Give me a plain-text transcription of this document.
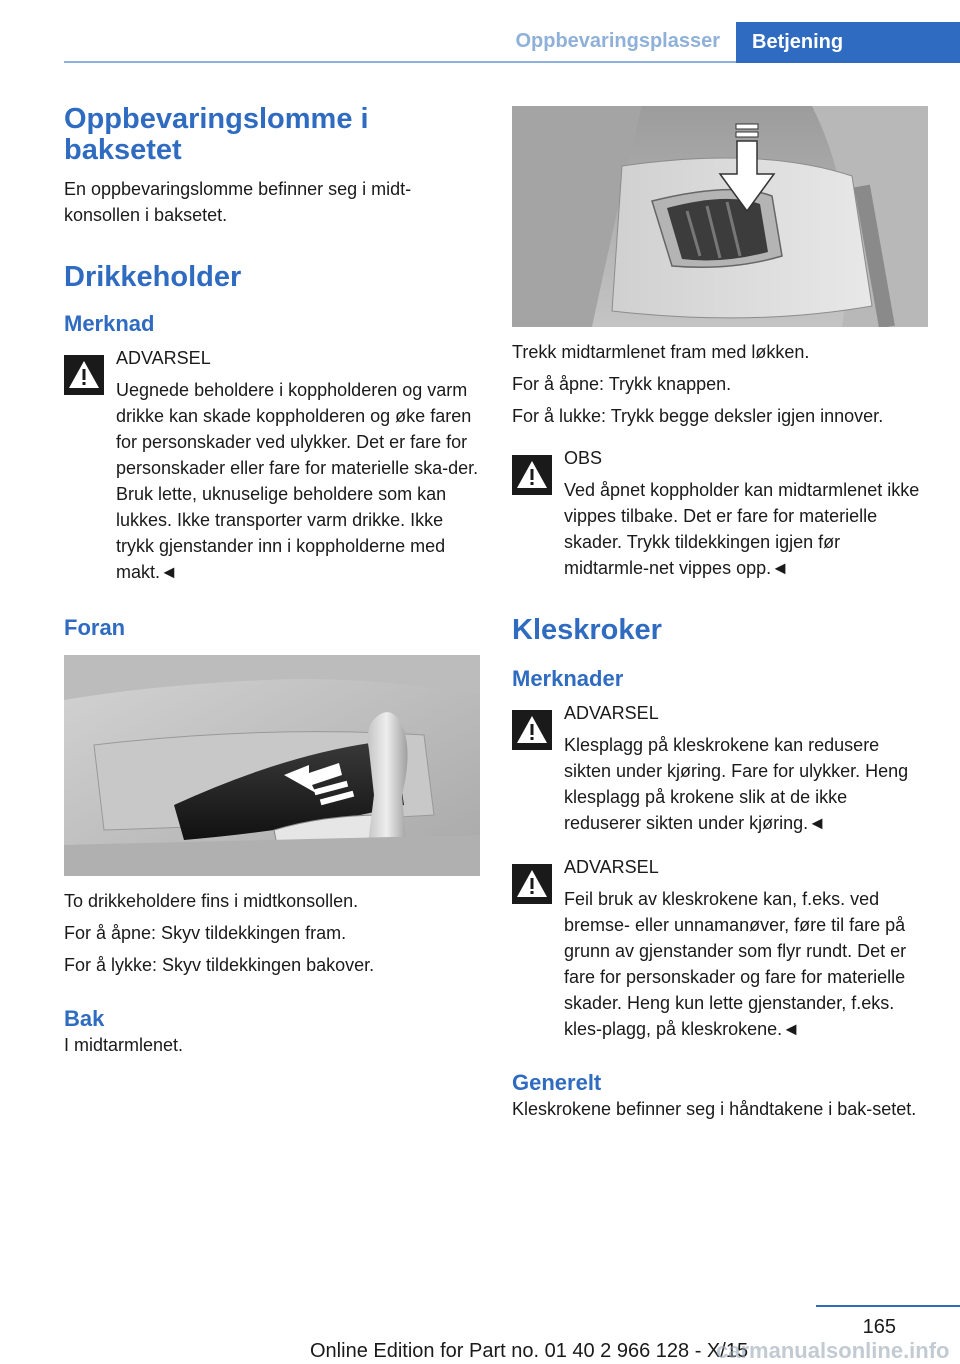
Oppbevaringsplasser Betjening
Oppbevaringslomme i baksetet

En oppbevaringslomme befinner seg i midt-konsollen i baksetet.

Drikkeholder
Merknad
ADVARSEL
Uegnede beholdere i koppholderen og varm drikke kan skade koppholderen og øke faren for personskader ved ulykker. Det er fare for personskader eller fare for materielle ska-der. Bruk lette, uknuselige beholdere som kan lukkes. Ikke transporter varm drikke. Ikke trykk gjenstander inn i koppholderne med makt.◄
Foran

To drikkeholdere fins i midtkonsollen.

For å åpne: Skyv tildekkingen fram.

For å lykke: Skyv tildekkingen bakover.

Bak

I midtarmlenet.

Trekk midtarmlenet fram med løkken.

For å åpne: Trykk knappen.

For å lukke: Trykk begge deksler igjen innover.

OBS
Ved åpnet koppholder kan midtarmlenet ikke vippes tilbake. Det er fare for materielle skader. Trykk tildekkingen igjen før midtarmle-net vippes opp.◄
Kleskroker
Merknader
ADVARSEL
Klesplagg på kleskrokene kan redusere sikten under kjøring. Fare for ulykker. Heng klesplagg på krokene slik at de ikke reduserer sikten under kjøring.◄
ADVARSEL
Feil bruk av kleskrokene kan, f.eks. ved bremse- eller unnamanøver, føre til fare på grunn av gjenstander som flyr rundt. Det er fare for personskader og fare for materielle skader. Heng kun lette gjenstander, f.eks. kles-plagg, på kleskrokene.◄
Generelt

Kleskrokene befinner seg i håndtakene i bak-setet.

165
Online Edition for Part no. 01 40 2 966 128 - X/15
carmanualsonline.info
